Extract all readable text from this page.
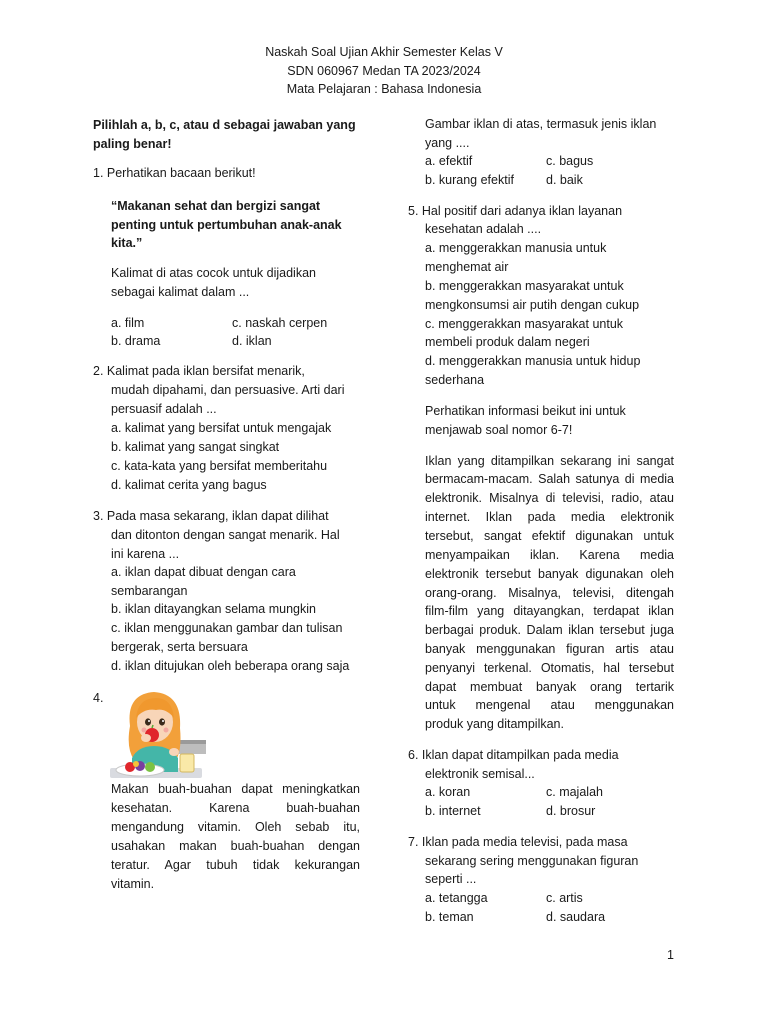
Naskah Soal Ujian Akhir Semester Kelas V
SDN 060967 Medan TA 2023/2024
Mata Pelajaran : Bahasa Indonesia
Pilihlah a, b, c, atau d sebagai jawaban yang
paling benar!
1. Perhatikan bacaan berikut!
“Makanan sehat dan bergizi sangat
penting untuk pertumbuhan anak-anak
kita.”
Kalimat di atas cocok untuk dijadikan
sebagai kalimat dalam ...
a. film	c. naskah cerpen
b. drama	d. iklan
2. Kalimat pada iklan bersifat menarik,
mudah dipahami, dan persuasive. Arti dari
persuasif adalah ...
a. kalimat yang bersifat untuk mengajak
b. kalimat yang sangat singkat
c. kata-kata yang bersifat memberitahu
d. kalimat cerita yang bagus
3. Pada masa sekarang, iklan dapat dilihat
dan ditonton dengan sangat menarik. Hal
ini karena ...
a. iklan dapat dibuat dengan cara
sembarangan
b. iklan ditayangkan selama mungkin
c. iklan menggunakan gambar dan tulisan
bergerak, serta bersuara
d. iklan ditujukan oleh beberapa orang saja
4.
Makan buah-buahan dapat meningkatkan
kesehatan. Karena buah-buahan
mengandung vitamin. Oleh sebab itu,
usahakan makan buah-buahan dengan
teratur. Agar tubuh tidak kekurangan
vitamin.
Gambar iklan di atas, termasuk jenis iklan
yang ....
a. efektif	c. bagus
b. kurang efektif	d. baik
5. Hal positif dari adanya iklan layanan
kesehatan adalah ....
a. menggerakkan manusia untuk
menghemat air
b. menggerakkan masyarakat untuk
mengkonsumsi air putih dengan cukup
c. menggerakkan masyarakat untuk
membeli produk dalam negeri
d. menggerakkan manusia untuk hidup
sederhana
Perhatikan informasi beikut ini untuk
menjawab soal nomor 6-7!
Iklan yang ditampilkan sekarang ini sangat
bermacam-macam. Salah satunya di media
elektronik. Misalnya di televisi, radio, atau
internet. Iklan pada media elektronik
tersebut, sangat efektif digunakan untuk
menyampaikan iklan. Karena media
elektronik tersebut banyak digunakan oleh
orang-orang. Misalnya, televisi, ditengah
film-film yang ditayangkan, terdapat iklan
berbagai produk. Dalam iklan tersebut juga
banyak menggunakan figuran artis atau
penyanyi terkenal. Otomatis, hal tersebut
dapat membuat banyak orang tertarik
untuk mengenal atau menggunakan
produk yang ditampilkan.
6. Iklan dapat ditampilkan pada media
elektronik semisal...
a. koran	c. majalah
b. internet	d. brosur
7. Iklan pada media televisi, pada masa
sekarang sering menggunakan figuran
seperti ...
a. tetangga	c. artis
b. teman	d. saudara
1
